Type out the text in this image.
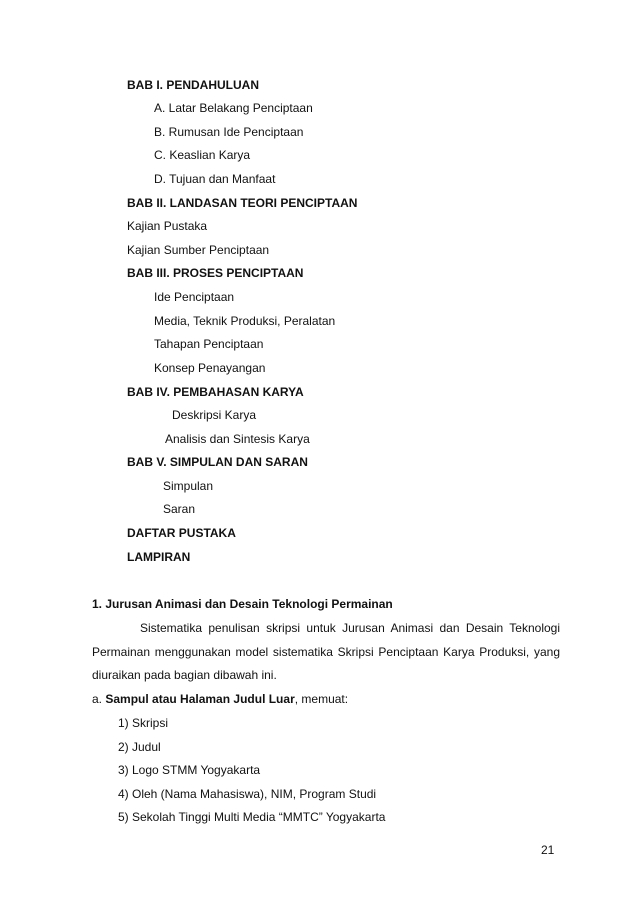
BAB I. PENDAHULUAN
A. Latar Belakang Penciptaan
B. Rumusan Ide Penciptaan
C. Keaslian Karya
D. Tujuan dan Manfaat
BAB II. LANDASAN TEORI PENCIPTAAN
Kajian Pustaka
Kajian Sumber Penciptaan
BAB III. PROSES PENCIPTAAN
Ide Penciptaan
Media, Teknik Produksi, Peralatan
Tahapan Penciptaan
Konsep Penayangan
BAB IV. PEMBAHASAN KARYA
Deskripsi Karya
Analisis dan Sintesis Karya
BAB V. SIMPULAN DAN SARAN
Simpulan
Saran
DAFTAR PUSTAKA
LAMPIRAN
1. Jurusan Animasi dan Desain Teknologi Permainan
Sistematika penulisan skripsi untuk Jurusan Animasi dan Desain Teknologi
Permainan menggunakan model sistematika Skripsi Penciptaan Karya Produksi, yang
diuraikan pada bagian dibawah ini.
a. Sampul atau Halaman Judul Luar, memuat:
1) Skripsi
2) Judul
3) Logo STMM Yogyakarta
4) Oleh (Nama Mahasiswa), NIM, Program Studi
5) Sekolah Tinggi Multi Media “MMTC” Yogyakarta
21
